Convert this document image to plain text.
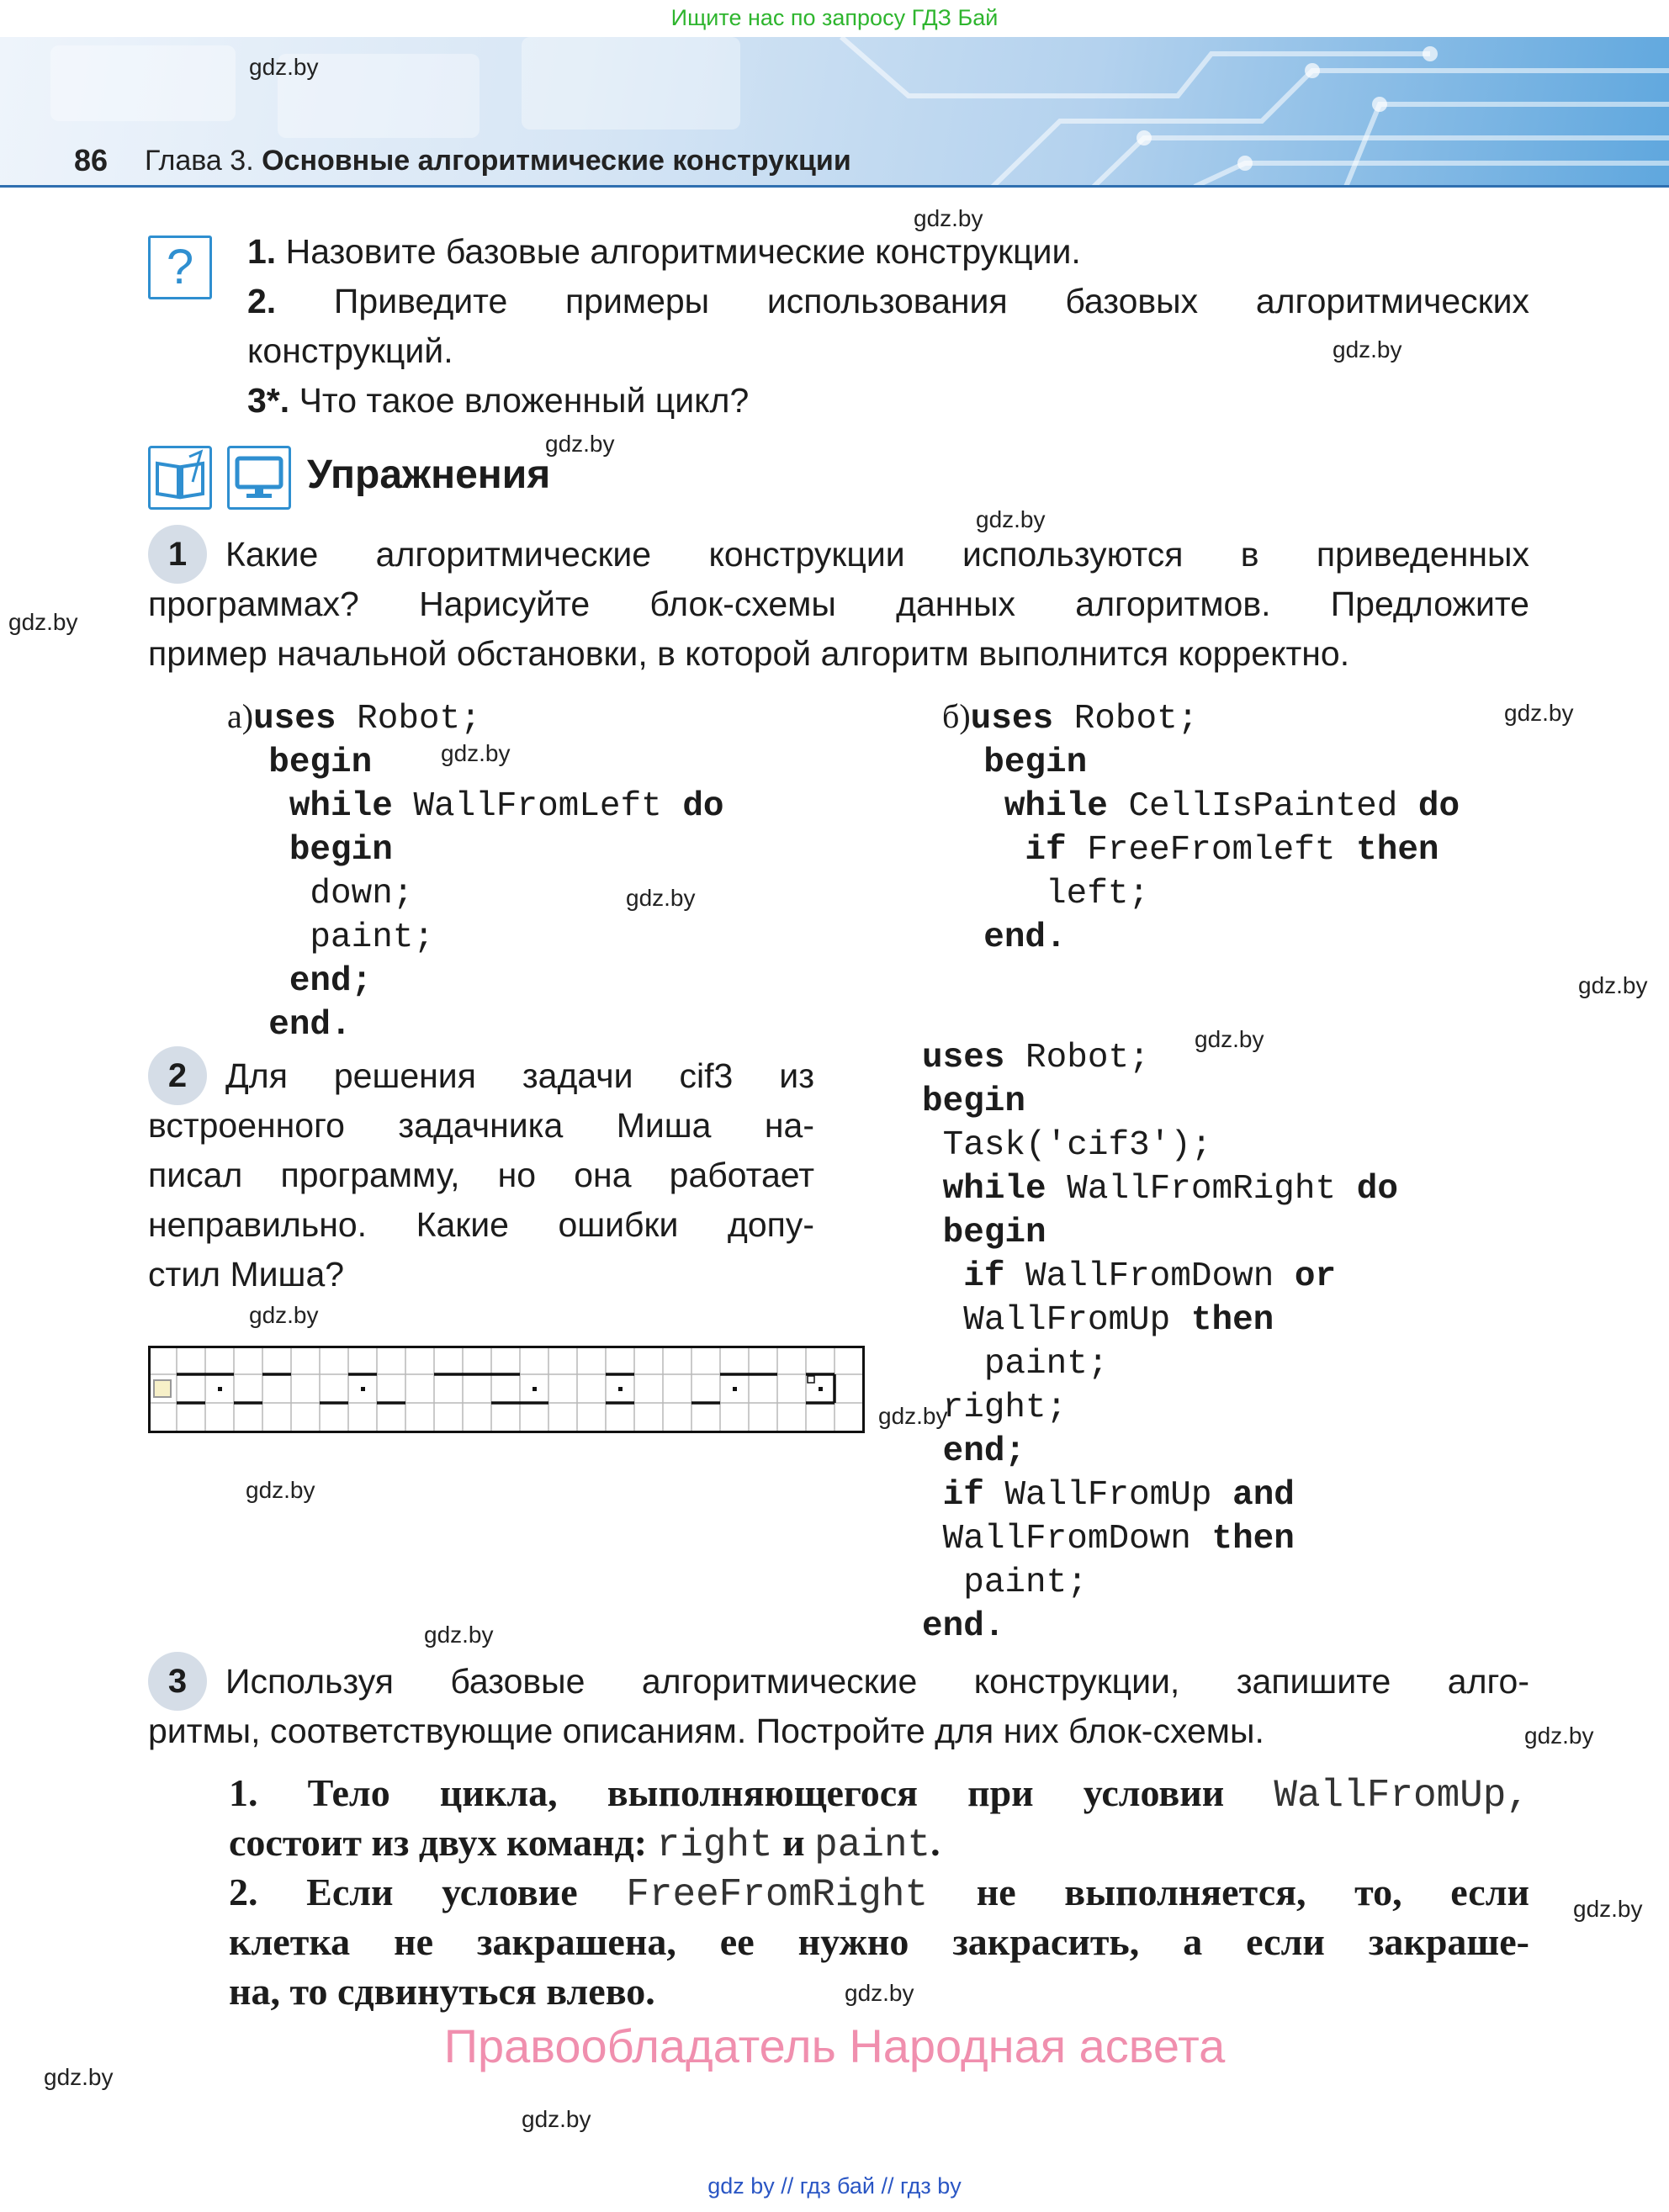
Ищите нас по запросу ГДЗ Бай
86 Глава 3. Основные алгоритмические конструкции
gdz.by
gdz.by
gdz.by
gdz.by
gdz.by
gdz.by
gdz.by
gdz.by
gdz.by
gdz.by
gdz.by
gdz.by
gdz.by
gdz.by
gdz.by
gdz.by
gdz.by
gdz.by
gdz.by
gdz.by
?	1. Назовите базовые алгоритмические конструкции.
2. Приведите примеры использования базовых алгоритмических
конструкций.
3*. Что такое вложенный цикл?
Упражнения
1	Какие алгоритмические конструкции используются в приведенных
программах? Нарисуйте блок-схемы данных алгоритмов. Предложите
пример начальной обстановки, в которой алгоритм выполнится корректно.
а)uses Robot;
begin
while WallFromLeft do
begin
down;
paint;
end;
end.
б)uses Robot;
begin
while CellIsPainted do
if FreeFromleft then
left;
end.
2	Для решения задачи cif3 из
встроенного задачника Миша на-
писал программу, но она работает
неправильно. Какие ошибки допу-
стил Миша?
uses Robot;
begin
Task('cif3');
while WallFromRight do
begin
if WallFromDown or
WallFromUp then
paint;
right;
end;
if WallFromUp and
WallFromDown then
paint;
end.
3	Используя базовые алгоритмические конструкции, запишите алго-
ритмы, соответствующие описаниям. Постройте для них блок-схемы.
1. Тело цикла, выполняющегося при условии WallFromUp,
состоит из двух команд: right и paint.
2. Если условие FreeFromRight не выполняется, то, если
клетка не закрашена, ее нужно закрасить, а если закраше-
на, то сдвинуться влево.
Правообладатель Народная асвета
gdz by // гдз бай // гдз by
